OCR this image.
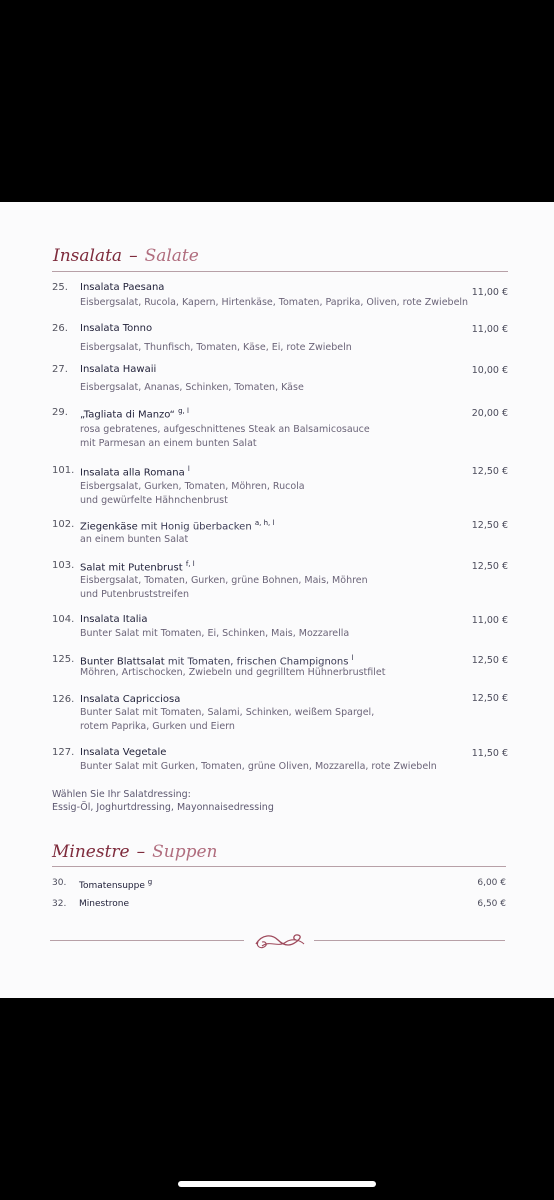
Insalata – Salate
25. Insalata Paesana	11,00 €
Eisbergsalat, Rucola, Kapern, Hirtenkäse, Tomaten, Paprika, Oliven, rote Zwiebeln
26. Insalata Tonno	11,00 €
Eisbergsalat, Thunfisch, Tomaten, Käse, Ei, rote Zwiebeln
27. Insalata Hawaii	10,00 €
Eisbergsalat, Ananas, Schinken, Tomaten, Käse
29. „Tagliata di Manzo“ $^{g, l}$	20,00 €
rosa gebratenes, aufgeschnittenes Steak an Balsamicosauce
mit Parmesan an einem bunten Salat
101. Insalata alla Romana $^l$	12,50 €
Eisbergsalat, Gurken, Tomaten, Möhren, Rucola
und gewürfelte Hähnchenbrust
102. Ziegenkäse mit Honig überbacken $^{a, h, l}$	12,50 €
an einem bunten Salat
103. Salat mit Putenbrust $^{f, l}$	12,50 €
Eisbergsalat, Tomaten, Gurken, grüne Bohnen, Mais, Möhren
und Putenbruststreifen
104. Insalata Italia	11,00 €
Bunter Salat mit Tomaten, Ei, Schinken, Mais, Mozzarella
125. Bunter Blattsalat mit Tomaten, frischen Champignons $^l$	12,50 €
Möhren, Artischocken, Zwiebeln und gegrilltem Hühnerbrustfilet
126. Insalata Capricciosa	12,50 €
Bunter Salat mit Tomaten, Salami, Schinken, weißem Spargel,
rotem Paprika, Gurken und Eiern
127. Insalata Vegetale	11,50 €
Bunter Salat mit Gurken, Tomaten, grüne Oliven, Mozzarella, rote Zwiebeln
Wählen Sie Ihr Salatdressing:
Essig-Öl, Joghurtdressing, Mayonnaisedressing
Minestre – Suppen
30. Tomatensuppe $^g$	6,00 €
32. Minestrone	6,50 €
